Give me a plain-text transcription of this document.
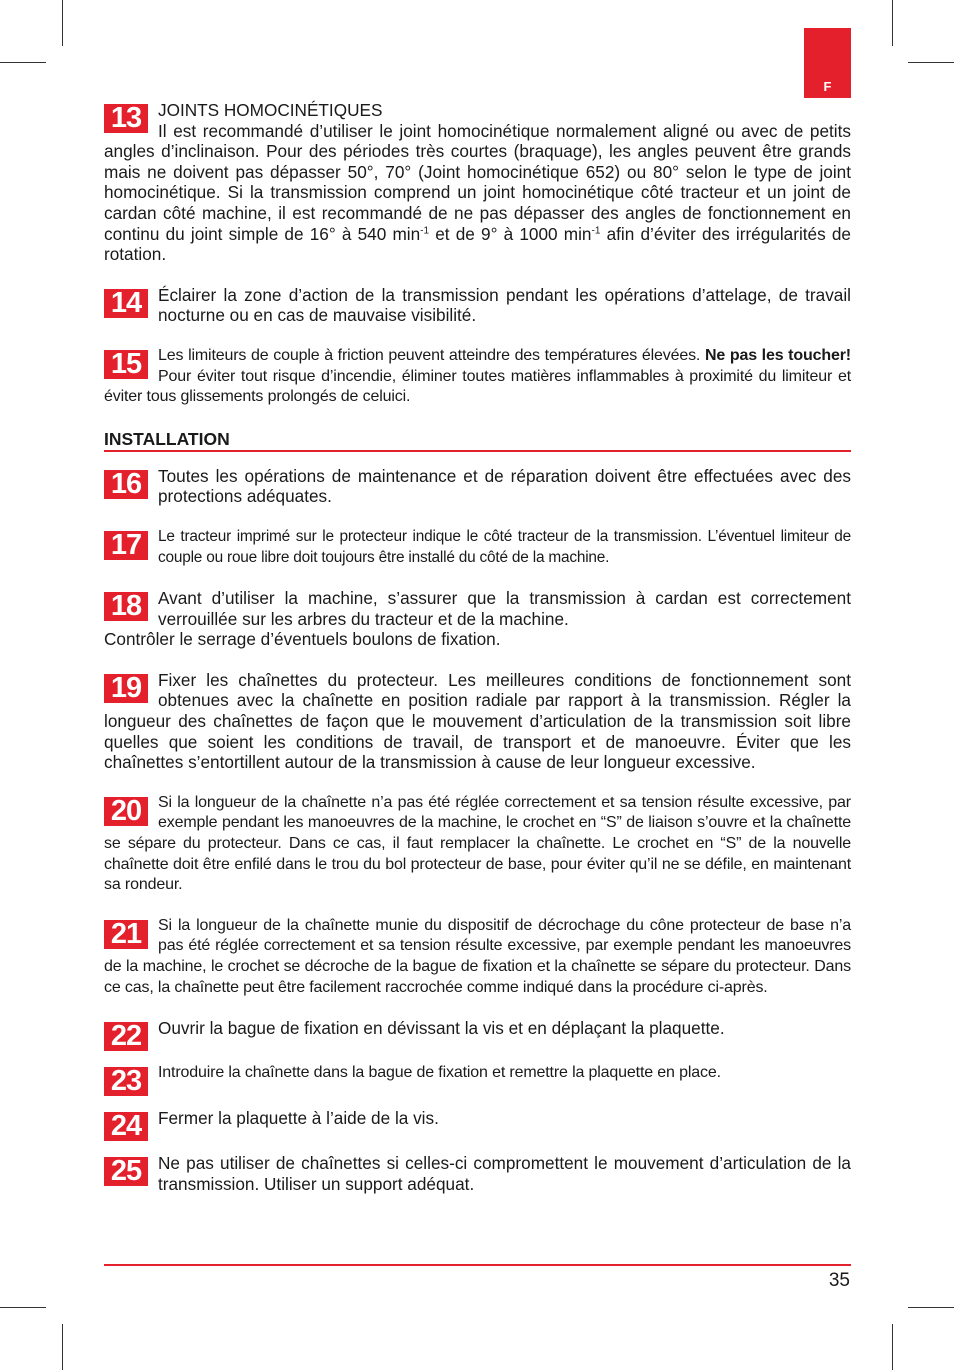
F
13 JOINTS HOMOCINÉTIQUES
Il est recommandé d’utiliser le joint homocinétique normalement aligné ou avec de petits angles d’inclinaison. Pour des périodes très courtes (braquage), les angles peuvent être grands mais ne doivent pas dépasser 50°, 70° (Joint homocinétique 652) ou 80° selon le type de joint homocinétique. Si la transmission comprend un joint homocinétique côté tracteur et un joint de cardan côté machine, il est recommandé de ne pas dépasser des angles de fonctionnement en continu du joint simple de 16° à 540 $\min^{-1}$ et de 9° à 1000 $\min^{-1}$ afin d’éviter des irrégularités de rotation.
14 Éclairer la zone d’action de la transmission pendant les opérations d’attelage, de travail nocturne ou en cas de mauvaise visibilité.
15	Les limiteurs de couple à friction peuvent atteindre des températures élevées. Ne pas les toucher! Pour éviter tout risque d’incendie, éliminer toutes matières inflammables à proximité du limiteur et éviter tous glissements prolongés de celuici.
INSTALLATION
16 Toutes les opérations de maintenance et de réparation doivent être effectuées avec des protections adéquates.
17	Le tracteur imprimé sur le protecteur indique le côté tracteur de la transmission. L’éventuel limiteur de couple ou roue libre doit toujours être installé du côté de la machine.
18 Avant d’utiliser la machine, s’assurer que la transmission à cardan est correctement verrouillée sur les arbres du tracteur et de la machine.
Contrôler le serrage d’éventuels boulons de fixation.
19 Fixer les chaînettes du protecteur. Les meilleures conditions de fonctionnement sont obtenues avec la chaînette en position radiale par rapport à la transmission. Régler la longueur des chaînettes de façon que le mouvement d’articulation de la transmission soit libre quelles que soient les conditions de travail, de transport et de manoeuvre. Éviter que les chaînettes s’entortillent autour de la transmission à cause de leur longueur excessive.
20	Si la longueur de la chaînette n’a pas été réglée correctement et sa tension résulte excessive, par exemple pendant les manoeuvres de la machine, le crochet en “S” de liaison s’ouvre et la chaînette se sépare du protecteur. Dans ce cas, il faut remplacer la chaînette. Le crochet en “S” de la nouvelle chaînette doit être enfilé dans le trou du bol protecteur de base, pour éviter qu’il ne se défile, en maintenant sa rondeur.
21	Si la longueur de la chaînette munie du dispositif de décrochage du cône protecteur de base n’a pas été réglée correctement et sa tension résulte excessive, par exemple pendant les manoeuvres de la machine, le crochet se décroche de la bague de fixation et la chaînette se sépare du protecteur. Dans ce cas, la chaînette peut être facilement raccrochée comme indiqué dans la procédure ci-après.
22 Ouvrir la bague de fixation en dévissant la vis et en déplaçant la plaquette.
23	Introduire la chaînette dans la bague de fixation et remettre la plaquette en place.
24 Fermer la plaquette à l’aide de la vis.
25 Ne pas utiliser de chaînettes si celles-ci compromettent le mouvement d’articulation de la transmission. Utiliser un support adéquat.
35
